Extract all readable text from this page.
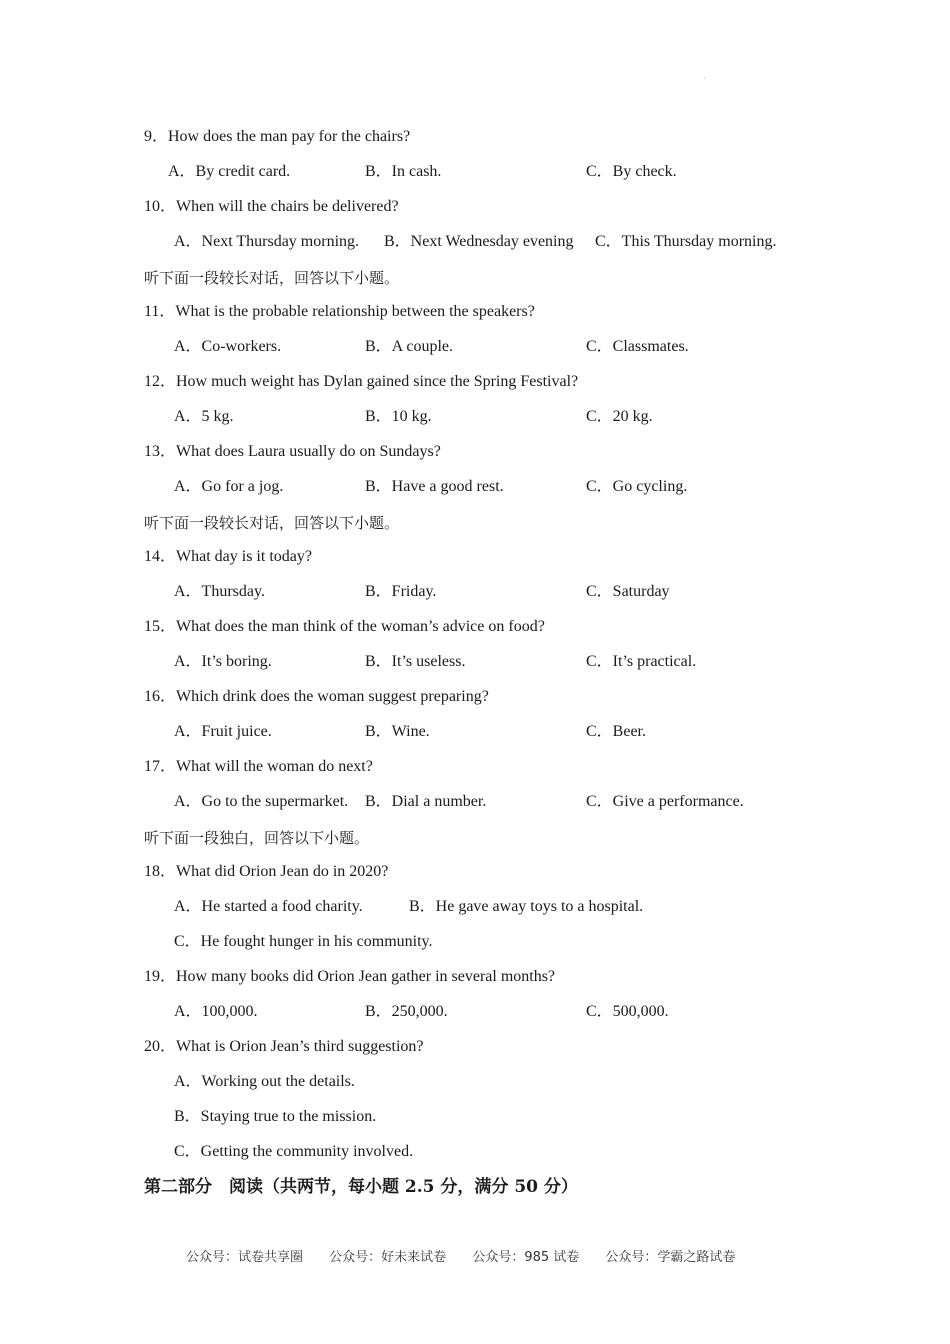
·
9．How does the man pay for the chairs?
A．By credit card.	B．In cash.	C．By check.
10．When will the chairs be delivered?
A．Next Thursday morning. B．Next Wednesday evening C．This Thursday morning.
听下面一段较长对话，回答以下小题。
11．What is the probable relationship between the speakers?
A．Co-workers.	B．A couple.	C．Classmates.
12．How much weight has Dylan gained since the Spring Festival?
A．5 kg.	B．10 kg.	C．20 kg.
13．What does Laura usually do on Sundays?
A．Go for a jog.	B．Have a good rest.	C．Go cycling.
听下面一段较长对话，回答以下小题。
14．What day is it today?
A．Thursday.	B．Friday.	C．Saturday
15．What does the man think of the woman’s advice on food?
A．It’s boring.	B．It’s useless.	C．It’s practical.
16．Which drink does the woman suggest preparing?
A．Fruit juice.	B．Wine.	C．Beer.
17．What will the woman do next?
A．Go to the supermarket. B．Dial a number.	C．Give a performance.
听下面一段独白，回答以下小题。
18．What did Orion Jean do in 2020?
A．He started a food charity.	B．He gave away toys to a hospital.
C．He fought hunger in his community.
19．How many books did Orion Jean gather in several months?
A．100,000.	B．250,000.	C．500,000.
20．What is Orion Jean’s third suggestion?
A．Working out the details.
B．Staying true to the mission.
C．Getting the community involved.
第二部分　阅读（共两节，每小题 2.5 分，满分 50 分）
公众号：试卷共享圈 公众号：好未来试卷 公众号：985 试卷 公众号：学霸之路试卷
